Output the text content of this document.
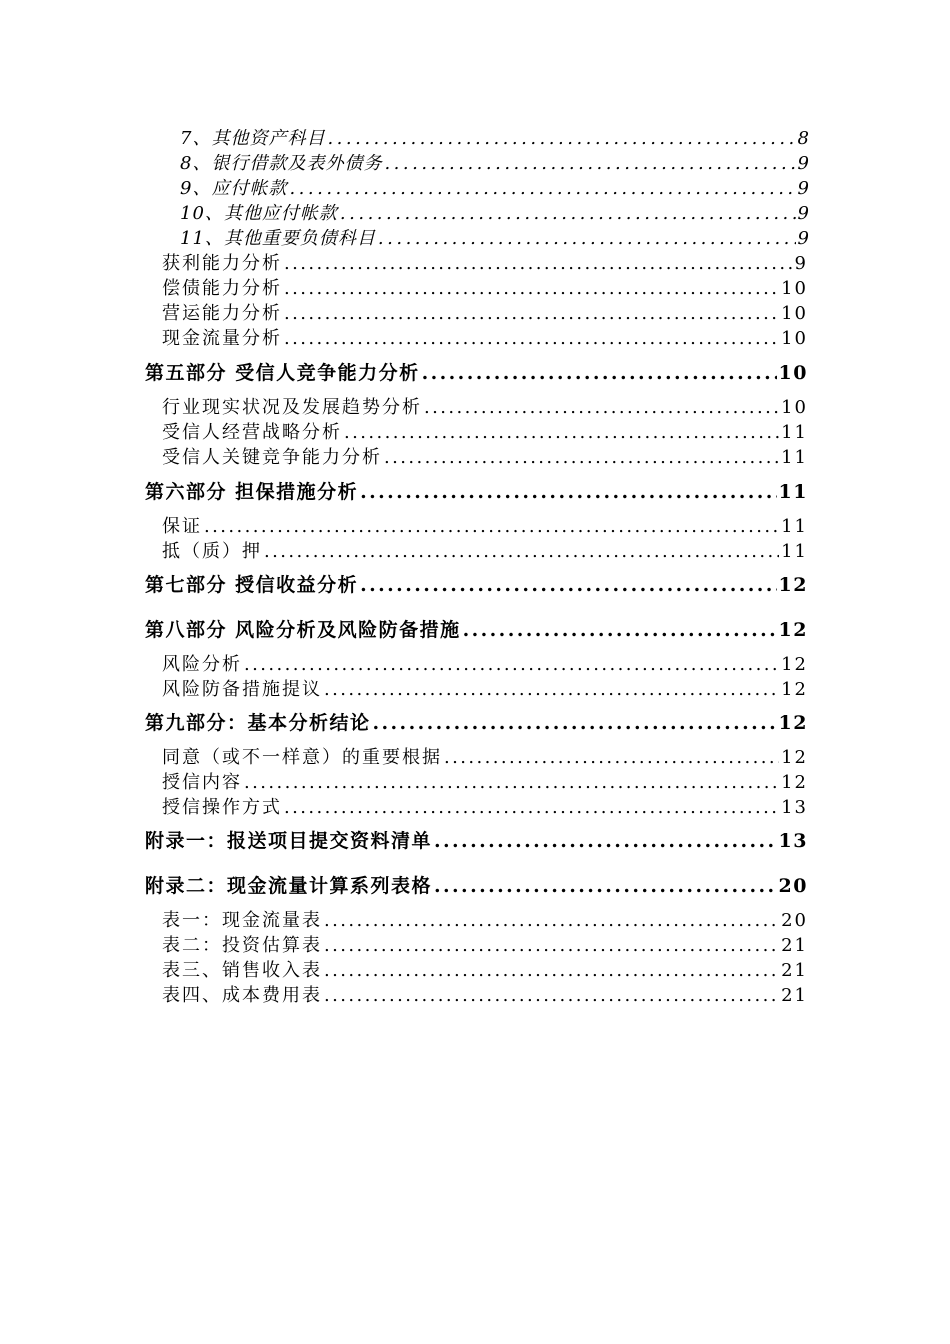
7、其他资产科目 .....	8
8、银行借款及表外债务 .....	9
9、应付帐款 .....	9
10、其他应付帐款 .....	9
11、其他重要负债科目 .....	9
获利能力分析 .....	9
偿债能力分析 .....	10
营运能力分析 .....	10
现金流量分析 .....	10
第五部分 受信人竞争能力分析 .....	10
行业现实状况及发展趋势分析 .....	10
受信人经营战略分析 .....	11
受信人关键竞争能力分析 .....	11
第六部分 担保措施分析 .....	11
保证 .....	11
抵（质）押 .....	11
第七部分 授信收益分析 .....	12
第八部分 风险分析及风险防备措施 .....	12
风险分析 .....	12
风险防备措施提议 .....	12
第九部分：基本分析结论 .....	12
同意（或不一样意）的重要根据 .....	12
授信内容 .....	12
授信操作方式 .....	13
附录一：报送项目提交资料清单 .....	13
附录二：现金流量计算系列表格 .....	20
表一：现金流量表 .....	20
表二：投资估算表 .....	21
表三、销售收入表 .....	21
表四、成本费用表 .....	21
